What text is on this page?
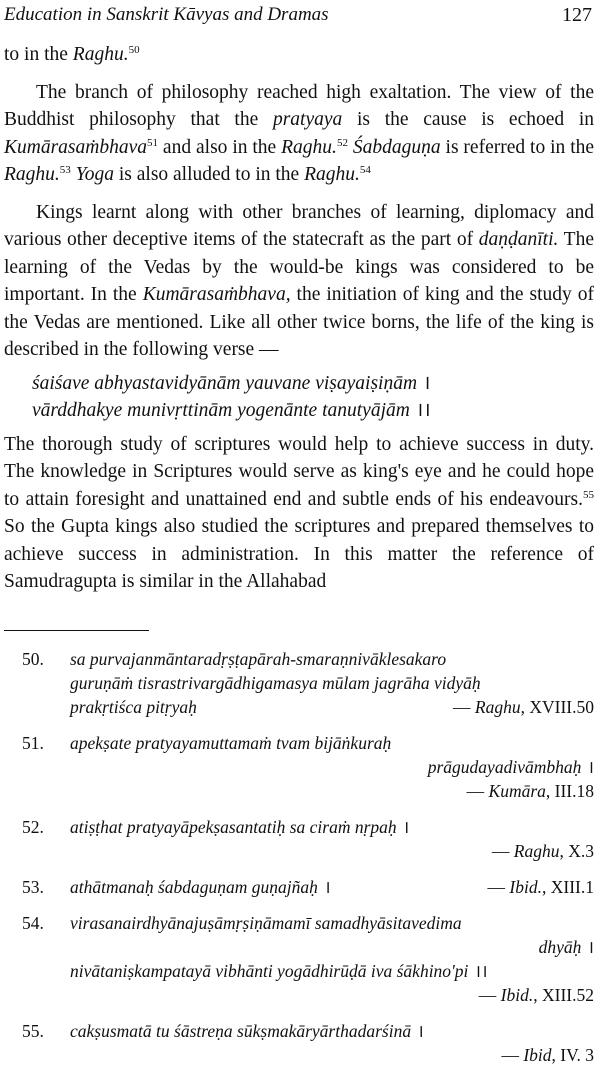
Education in Sanskrit Kāvyas and Dramas	127

to in the Raghu.$^{50}$

The branch of philosophy reached high exaltation. The view of the Buddhist philosophy that the pratyaya is the cause is echoed in Kumārasaṁbhava$^{51}$ and also in the Raghu.$^{52}$ Śabdaguṇa is referred to in the Raghu.$^{53}$ Yoga is also alluded to in the Raghu.$^{54}$

Kings learnt along with other branches of learning, diplomacy and various other deceptive items of the statecraft as the part of daṇḍanīti. The learning of the Vedas by the would-be kings was considered to be important. In the Kumārasaṁbhava, the initiation of king and the study of the Vedas are mentioned. Like all other twice borns, the life of the king is described in the following verse —

śaiśave abhyastavidyānām yauvane viṣayaiṣiṇām ।
vārddhakye munivṛttinām yogenānte tanutyājām ।।

The thorough study of scriptures would help to achieve success in duty. The knowledge in Scriptures would serve as king's eye and he could hope to attain foresight and unattained end and subtle ends of his endeavours.$^{55}$ So the Gupta kings also studied the scriptures and prepared themselves to achieve success in administration. In this matter the reference of Samudragupta is similar in the Allahabad

50. sa purvajanmāntaradṛṣṭapārah-smaraṇnivāklesakaro
guruṇāṁ tisrastrivargādhigamasya mūlam jagrāha vidyāḥ
prakṛtiśca pitṛyaḥ	— Raghu, XVIII.50
51. apekṣate pratyayamuttamaṁ tvam bijāṅkuraḥ
prāgudayadivāmbhaḥ ।
— Kumāra, III.18
52. atiṣṭhat pratyayāpekṣasantatiḥ sa ciraṁ nṛpaḥ ।
— Raghu, X.3
53. athātmanaḥ śabdaguṇam guṇajñaḥ ।	— Ibid., XIII.1
54. virasanairdhyānajuṣāmṛṣiṇāmamī samadhyāsitavedima
dhyāḥ ।
nivātaniṣkampatayā vibhānti yogādhirūḍā iva śākhino'pi ।।
— Ibid., XIII.52
55. cakṣusmatā tu śāstreṇa sūkṣmakāryārthadarśinā ।
— Ibid, IV. 3
